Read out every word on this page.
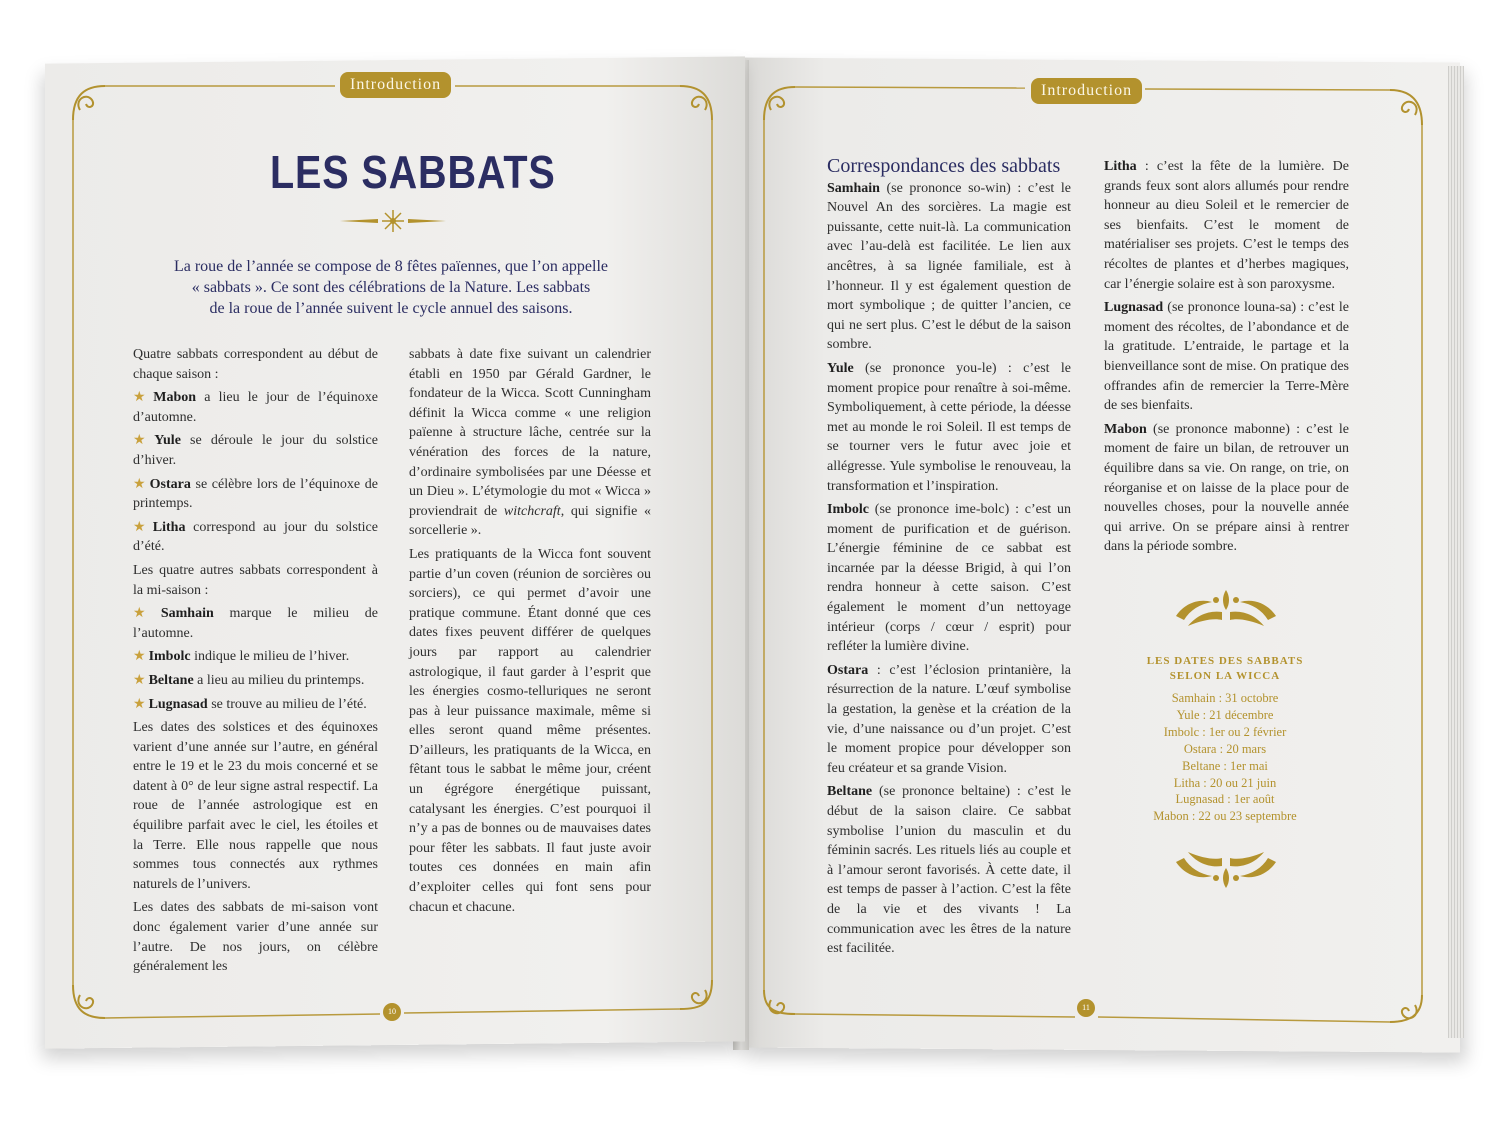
Introduction
LES SABBATS

La roue de l’année se compose de 8 fêtes païennes, que l’on appelle

« sabbats ». Ce sont des célébrations de la Nature. Les sabbats

de la roue de l’année suivent le cycle annuel des saisons.

Quatre sabbats correspondent au début de chaque saison :

★ Mabon a lieu le jour de l’équinoxe d’automne.

★ Yule se déroule le jour du solstice d’hiver.

★ Ostara se célèbre lors de l’équinoxe de printemps.

★ Litha correspond au jour du solstice d’été.

Les quatre autres sabbats correspondent à la mi-saison :

★ Samhain marque le milieu de l’automne.

★ Imbolc indique le milieu de l’hiver.

★ Beltane a lieu au milieu du printemps.

★ Lugnasad se trouve au milieu de l’été.

Les dates des solstices et des équinoxes varient d’une année sur l’autre, en général entre le 19 et le 23 du mois concerné et se datent à 0° de leur signe astral respectif. La roue de l’année astrologique est en équilibre parfait avec le ciel, les étoiles et la Terre. Elle nous rappelle que nous sommes tous connectés aux rythmes naturels de l’univers.

Les dates des sabbats de mi-saison vont donc également varier d’une année sur l’autre. De nos jours, on célèbre généralement les

sabbats à date fixe suivant un calendrier établi en 1950 par Gérald Gardner, le fondateur de la Wicca. Scott Cunningham définit la Wicca comme « une religion païenne à structure lâche, centrée sur la vénération des forces de la nature, d’ordinaire symbolisées par une Déesse et un Dieu ». L’étymologie du mot « Wicca » proviendrait de witchcraft, qui signifie « sorcellerie ».

Les pratiquants de la Wicca font souvent partie d’un coven (réunion de sorcières ou sorciers), ce qui permet d’avoir une pratique commune. Étant donné que ces dates fixes peuvent différer de quelques jours par rapport au calendrier astrologique, il faut garder à l’esprit que les énergies cosmo-telluriques ne seront pas à leur puissance maximale, même si elles seront quand même présentes. D’ailleurs, les pratiquants de la Wicca, en fêtant tous le sabbat le même jour, créent un égrégore énergétique puissant, catalysant les énergies. C’est pourquoi il n’y a pas de bonnes ou de mauvaises dates pour fêter les sabbats. Il faut juste avoir toutes ces données en main afin d’exploiter celles qui font sens pour chacun et chacune.

10
Introduction
Correspondances des sabbats

Samhain (se prononce so-win) : c’est le Nouvel An des sorcières. La magie est puissante, cette nuit-là. La communication avec l’au-delà est facilitée. Le lien aux ancêtres, à sa lignée familiale, est à l’honneur. Il y est également question de mort symbolique ; de quitter l’ancien, ce qui ne sert plus. C’est le début de la saison sombre.

Yule (se prononce you-le) : c’est le moment propice pour renaître à soi-même. Symboliquement, à cette période, la déesse met au monde le roi Soleil. Il est temps de se tourner vers le futur avec joie et allégresse. Yule symbolise le renouveau, la transformation et l’inspiration.

Imbolc (se prononce ime-bolc) : c’est un moment de purification et de guérison. L’énergie féminine de ce sabbat est incarnée par la déesse Brigid, à qui l’on rendra honneur à cette saison. C’est également le moment d’un nettoyage intérieur (corps / cœur / esprit) pour refléter la lumière divine.

Ostara : c’est l’éclosion printanière, la résurrection de la nature. L’œuf symbolise la gestation, la genèse et la création de la vie, d’une naissance ou d’un projet. C’est le moment propice pour développer son feu créateur et sa grande Vision.

Beltane (se prononce beltaine) : c’est le début de la saison claire. Ce sabbat symbolise l’union du masculin et du féminin sacrés. Les rituels liés au couple et à l’amour seront favorisés. À cette date, il est temps de passer à l’action. C’est la fête de la vie et des vivants ! La communication avec les êtres de la nature est facilitée.

Litha : c’est la fête de la lumière. De grands feux sont alors allumés pour rendre honneur au dieu Soleil et le remercier de ses bienfaits. C’est le moment de matérialiser ses projets. C’est le temps des récoltes de plantes et d’herbes magiques, car l’énergie solaire est à son paroxysme.

Lugnasad (se prononce louna-sa) : c’est le moment des récoltes, de l’abondance et de la gratitude. L’entraide, le partage et la bienveillance sont de mise. On pratique des offrandes afin de remercier la Terre-Mère de ses bienfaits.

Mabon (se prononce mabonne) : c’est le moment de faire un bilan, de retrouver un équilibre dans sa vie. On range, on trie, on réorganise et on laisse de la place pour de nouvelles choses, pour la nouvelle année qui arrive. On se prépare ainsi à rentrer dans la période sombre.

LES DATES DES SABBATS
SELON LA WICCA
Samhain : 31 octobre
Yule : 21 décembre
Imbolc : 1er ou 2 février
Ostara : 20 mars
Beltane : 1er mai
Litha : 20 ou 21 juin
Lugnasad : 1er août
Mabon : 22 ou 23 septembre
11
